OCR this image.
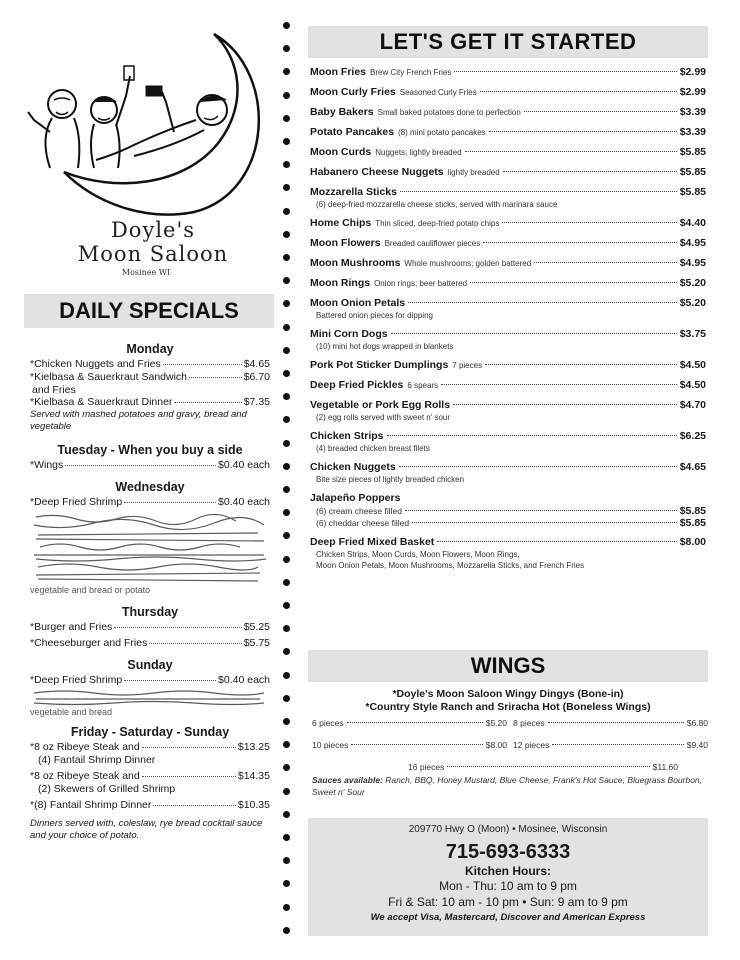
Doyle's
Moon Saloon
Mosinee WI
DAILY SPECIALS
Monday
*Chicken Nuggets and Fries	$4.65
*Kielbasa & Sauerkraut Sandwich	$6.70
and Fries
*Kielbasa & Sauerkraut Dinner	$7.35
Served with mashed potatoes and gravy, bread and vegetable
Tuesday - When you buy a side
*Wings	$0.40 each
Wednesday
*Deep Fried Shrimp	$0.40 each
vegetable and bread or potato
Thursday
*Burger and Fries	$5.25
*Cheeseburger and Fries	$5.75
Sunday
*Deep Fried Shrimp	$0.40 each
vegetable and bread
Friday - Saturday - Sunday
*8 oz Ribeye Steak and	$13.25
(4) Fantail Shrimp Dinner
*8 oz Ribeye Steak and	$14.35
(2) Skewers of Grilled Shrimp
*(8) Fantail Shrimp Dinner	$10.35
Dinners served with, coleslaw, rye bread cocktail sauce and your choice of potato.
LET'S GET IT STARTED
Moon Fries Brew City French Fries	$2.99
Moon Curly Fries Seasoned Curly Fries	$2.99
Baby Bakers Small baked potatoes done to perfection	$3.39
Potato Pancakes (8) mini potato pancakes	$3.39
Moon Curds Nuggets; lightly breaded	$5.85
Habanero Cheese Nuggets lightly breaded	$5.85
Mozzarella Sticks	$5.85
(6) deep-fried mozzarella cheese sticks, served with marinara sauce
Home Chips Thin sliced, deep-fried potato chips	$4.40
Moon Flowers Breaded cauliflower pieces	$4.95
Moon Mushrooms Whole mushrooms; golden battered	$4.95
Moon Rings Onion rings; beer battered	$5.20
Moon Onion Petals	$5.20
Battered onion pieces for dipping
Mini Corn Dogs	$3.75
(10) mini hot dogs wrapped in blankets
Pork Pot Sticker Dumplings 7 pieces	$4.50
Deep Fried Pickles 6 spears	$4.50
Vegetable or Pork Egg Rolls	$4.70
(2) egg rolls served with sweet n' sour
Chicken Strips	$6.25
(4) breaded chicken breast filets
Chicken Nuggets	$4.65
Bite size pieces of lightly breaded chicken
Jalapeño Poppers
(6) cream cheese filled	$5.85
(6) cheddar cheese filled	$5.85
Deep Fried Mixed Basket	$8.00
Chicken Strips, Moon Curds, Moon Flowers, Moon Rings,
Moon Onion Petals, Moon Mushrooms, Mozzarella Sticks, and French Fries
WINGS
*Doyle's Moon Saloon Wingy Dingys (Bone-in)
*Country Style Ranch and Sriracha Hot (Boneless Wings)
6 pieces	$5.20 8 pieces	$6.80
10 pieces	$8.00 12 pieces	$9.40
16 pieces	$11.60
Sauces available: Ranch, BBQ, Honey Mustard, Blue Cheese, Frank's Hot Sauce, Bluegrass Bourbon, Sweet n' Sour
209770 Hwy O (Moon) • Mosinee, Wisconsin
715-693-6333
Kitchen Hours:
Mon - Thu: 10 am to 9 pm
Fri & Sat: 10 am - 10 pm • Sun: 9 am to 9 pm
We accept Visa, Mastercard, Discover and American Express
